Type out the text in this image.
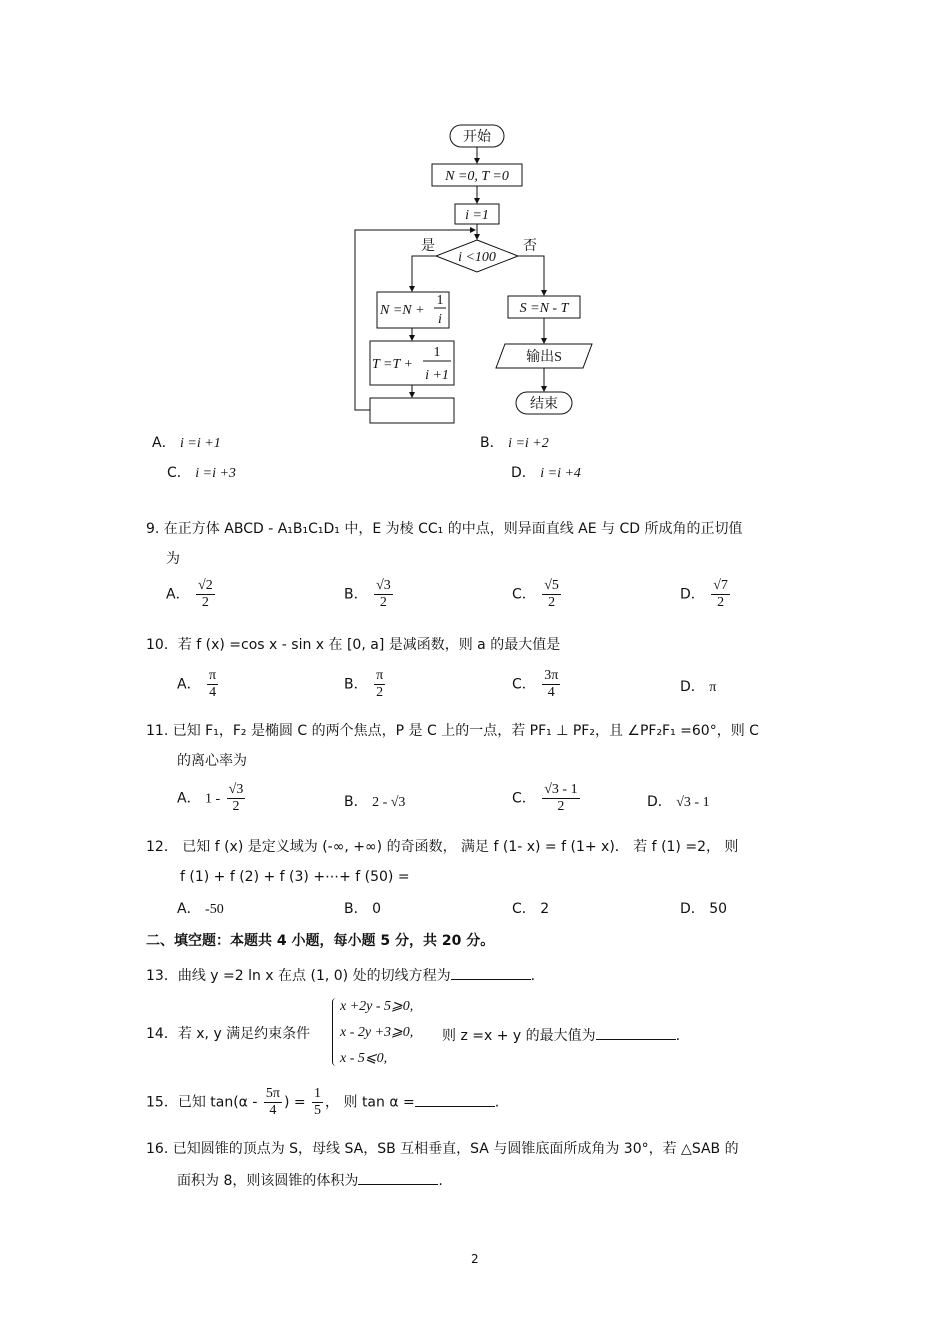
开始
N =0, T =0
i =1
i <100
是	否
N =N +
1
i
T =T +
1
i +1
S =N - T
输出S
结束
A． i =i +1	B． i =i +2
C． i =i +3	D． i =i +4
9. 在正方体 ABCD - A₁B₁C₁D₁ 中，E 为棱 CC₁ 的中点，则异面直线 AE 与 CD 所成角的正切值
为
A． $\frac{√2}{2}$	B． $\frac{√3}{2}$	C． $\frac{√5}{2}$	D． $\frac{√7}{2}$
10．若 f (x) =cos x - sin x 在 [0, a] 是减函数，则 a 的最大值是
A． $\frac{\pi}{4}$	B． $\frac{\pi}{2}$	C． $\frac{3\pi}{4}$	D． π
11. 已知 F₁，F₂ 是椭圆 C 的两个焦点，P 是 C 上的一点，若 PF₁ ⊥ PF₂，且 ∠PF₂F₁ =60°，则 C
的离心率为
A． $1 - \frac{√3}{2}$	B． 2 - √3	C． $\frac{√3 - 1}{2}$	D． √3 - 1
12． 已知 f (x) 是定义域为 (-∞, +∞) 的奇函数， 满足 f (1- x) = f (1+ x)． 若 f (1) =2， 则
f (1) + f (2) + f (3) +⋯+ f (50) =
A． -50	B． 0	C． 2	D． 50
二、填空题：本题共 4 小题，每小题 5 分，共 20 分。
13．曲线 y =2 ln x 在点 (1, 0) 处的切线方程为	.
14．若 x, y 满足约束条件
x +2y - 5⩾0,
x - 2y +3⩾0,
x - 5⩽0,
则 z =x + y 的最大值为	.
15．已知 $\tan(\alpha - \frac{5\pi}{4}$ ) = $\frac{1}{5}$ ， 则 tan α =	.
16. 已知圆锥的顶点为 S，母线 SA，SB 互相垂直，SA 与圆锥底面所成角为 30°，若 △SAB 的
面积为 8，则该圆锥的体积为	.
2
